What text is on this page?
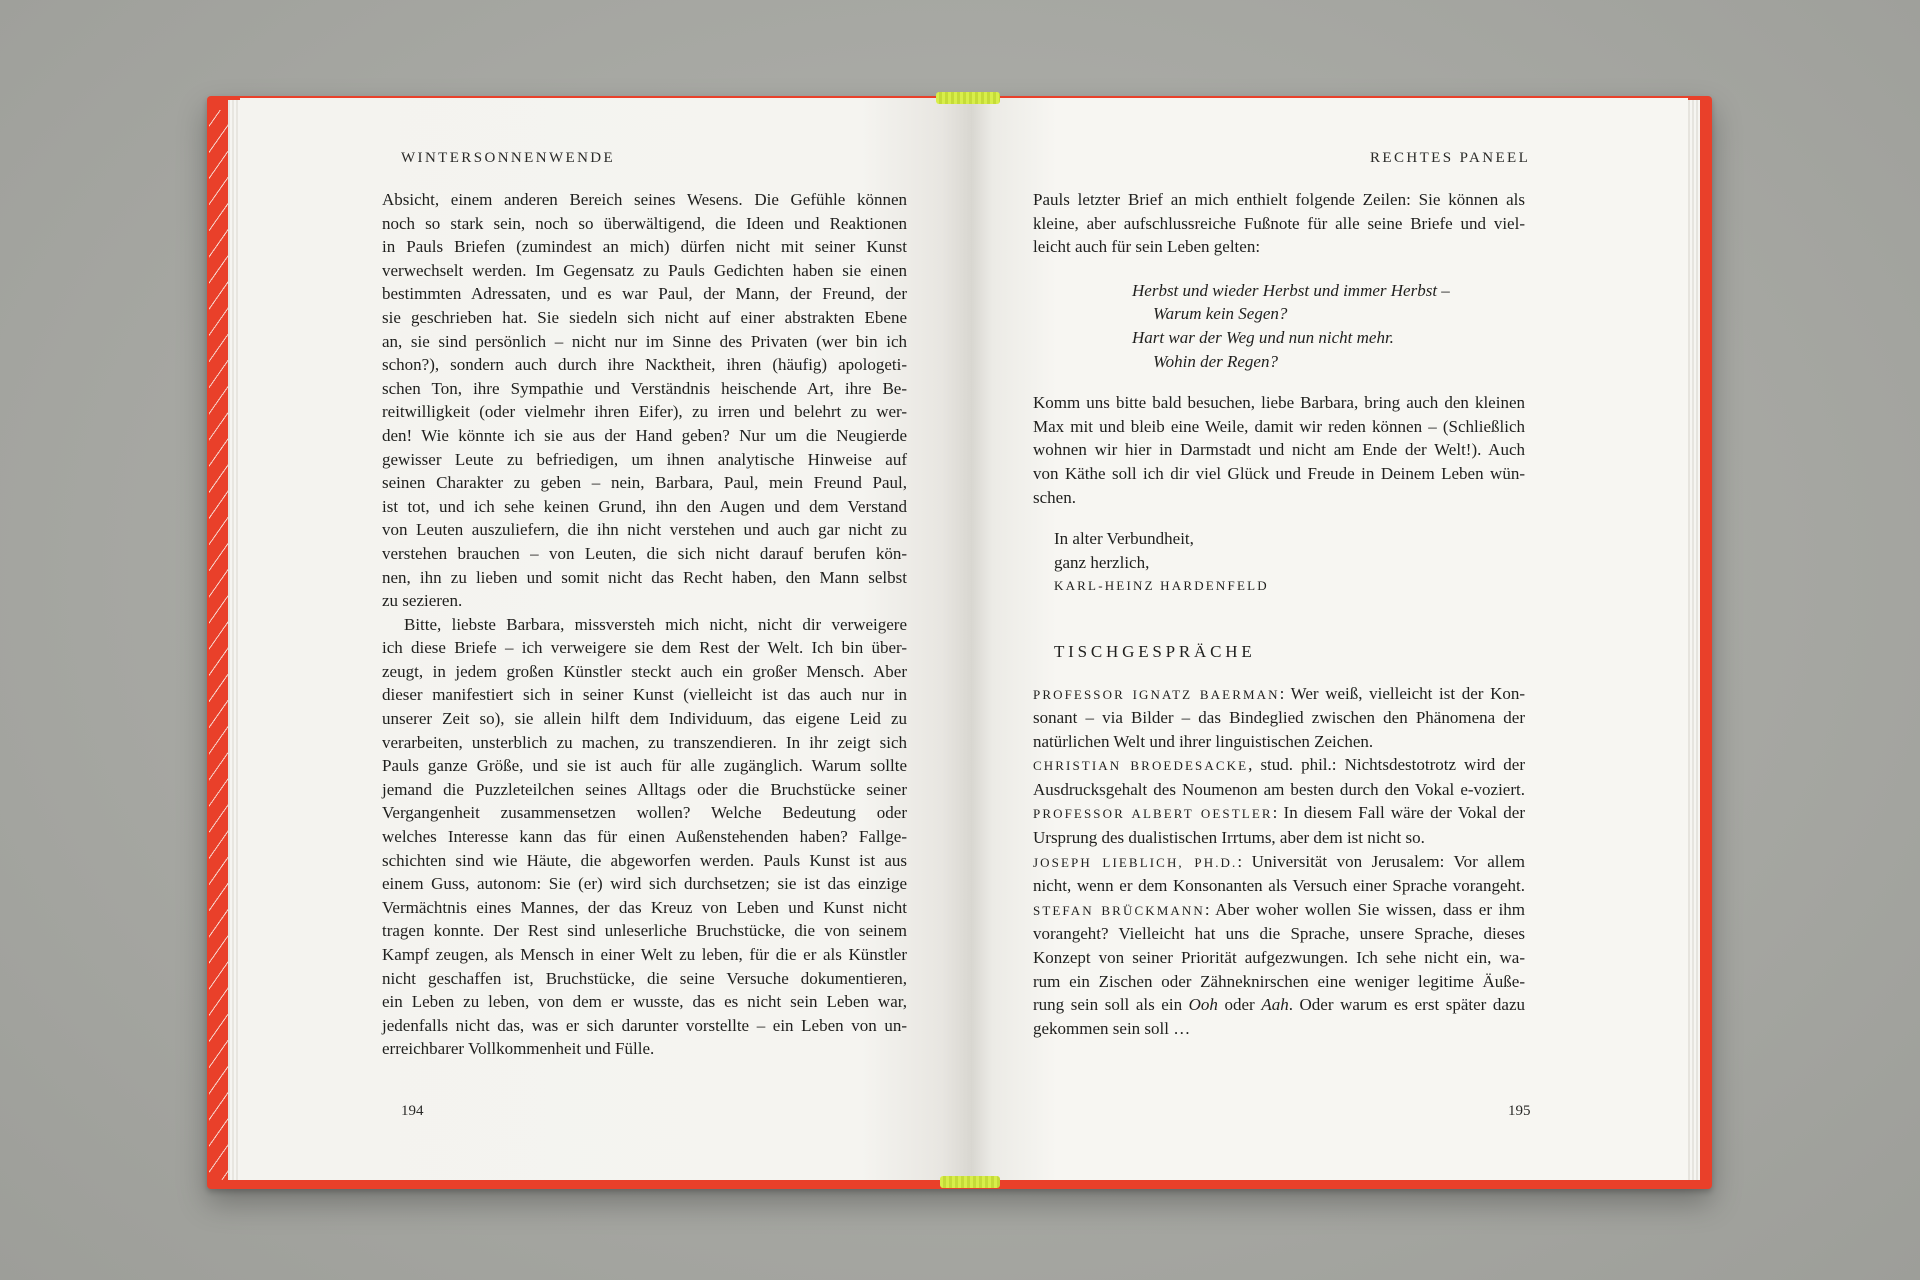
WINTERSONNENWENDE
Absicht, einem anderen Bereich seines Wesens. Die Gefühle können
noch so stark sein, noch so überwältigend, die Ideen und Reaktionen
in Pauls Briefen (zumindest an mich) dürfen nicht mit seiner Kunst
verwechselt werden. Im Gegensatz zu Pauls Gedichten haben sie einen
bestimmten Adressaten, und es war Paul, der Mann, der Freund, der
sie geschrieben hat. Sie siedeln sich nicht auf einer abstrakten Ebene
an, sie sind persönlich – nicht nur im Sinne des Privaten (wer bin ich
schon?), sondern auch durch ihre Nacktheit, ihren (häufig) apologeti-
schen Ton, ihre Sympathie und Verständnis heischende Art, ihre Be-
reitwilligkeit (oder vielmehr ihren Eifer), zu irren und belehrt zu wer-
den! Wie könnte ich sie aus der Hand geben? Nur um die Neugierde
gewisser Leute zu befriedigen, um ihnen analytische Hinweise auf
seinen Charakter zu geben – nein, Barbara, Paul, mein Freund Paul,
ist tot, und ich sehe keinen Grund, ihn den Augen und dem Verstand
von Leuten auszuliefern, die ihn nicht verstehen und auch gar nicht zu
verstehen brauchen – von Leuten, die sich nicht darauf berufen kön-
nen, ihn zu lieben und somit nicht das Recht haben, den Mann selbst
zu sezieren.
Bitte, liebste Barbara, missversteh mich nicht, nicht dir verweigere
ich diese Briefe – ich verweigere sie dem Rest der Welt. Ich bin über-
zeugt, in jedem großen Künstler steckt auch ein großer Mensch. Aber
dieser manifestiert sich in seiner Kunst (vielleicht ist das auch nur in
unserer Zeit so), sie allein hilft dem Individuum, das eigene Leid zu
verarbeiten, unsterblich zu machen, zu transzendieren. In ihr zeigt sich
Pauls ganze Größe, und sie ist auch für alle zugänglich. Warum sollte
jemand die Puzzleteilchen seines Alltags oder die Bruchstücke seiner
Vergangenheit zusammensetzen wollen? Welche Bedeutung oder
welches Interesse kann das für einen Außenstehenden haben? Fallge-
schichten sind wie Häute, die abgeworfen werden. Pauls Kunst ist aus
einem Guss, autonom: Sie (er) wird sich durchsetzen; sie ist das einzige
Vermächtnis eines Mannes, der das Kreuz von Leben und Kunst nicht
tragen konnte. Der Rest sind unleserliche Bruchstücke, die von seinem
Kampf zeugen, als Mensch in einer Welt zu leben, für die er als Künstler
nicht geschaffen ist, Bruchstücke, die seine Versuche dokumentieren,
ein Leben zu leben, von dem er wusste, das es nicht sein Leben war,
jedenfalls nicht das, was er sich darunter vorstellte – ein Leben von un-
erreichbarer Vollkommenheit und Fülle.
194
RECHTES PANEEL
Pauls letzter Brief an mich enthielt folgende Zeilen: Sie können als
kleine, aber aufschlussreiche Fußnote für alle seine Briefe und viel-
leicht auch für sein Leben gelten:
Herbst und wieder Herbst und immer Herbst –
Warum kein Segen?
Hart war der Weg und nun nicht mehr.
Wohin der Regen?
Komm uns bitte bald besuchen, liebe Barbara, bring auch den kleinen
Max mit und bleib eine Weile, damit wir reden können – (Schließlich
wohnen wir hier in Darmstadt und nicht am Ende der Welt!). Auch
von Käthe soll ich dir viel Glück und Freude in Deinem Leben wün-
schen.
In alter Verbundheit,
ganz herzlich,
KARL-HEINZ HARDENFELD
TISCHGESPRÄCHE
PROFESSOR IGNATZ BAERMAN: Wer weiß, vielleicht ist der Kon-
sonant – via Bilder – das Bindeglied zwischen den Phänomena der
natürlichen Welt und ihrer linguistischen Zeichen.
CHRISTIAN BROEDESACKE, stud. phil.: Nichtsdestotrotz wird der
Ausdrucksgehalt des Noumenon am besten durch den Vokal e-voziert.
PROFESSOR ALBERT OESTLER: In diesem Fall wäre der Vokal der
Ursprung des dualistischen Irrtums, aber dem ist nicht so.
JOSEPH LIEBLICH, PH.D.: Universität von Jerusalem: Vor allem
nicht, wenn er dem Konsonanten als Versuch einer Sprache vorangeht.
STEFAN BRÜCKMANN: Aber woher wollen Sie wissen, dass er ihm
vorangeht? Vielleicht hat uns die Sprache, unsere Sprache, dieses
Konzept von seiner Priorität aufgezwungen. Ich sehe nicht ein, wa-
rum ein Zischen oder Zähneknirschen eine weniger legitime Äuße-
rung sein soll als ein Ooh oder Aah. Oder warum es erst später dazu
gekommen sein soll …
195
